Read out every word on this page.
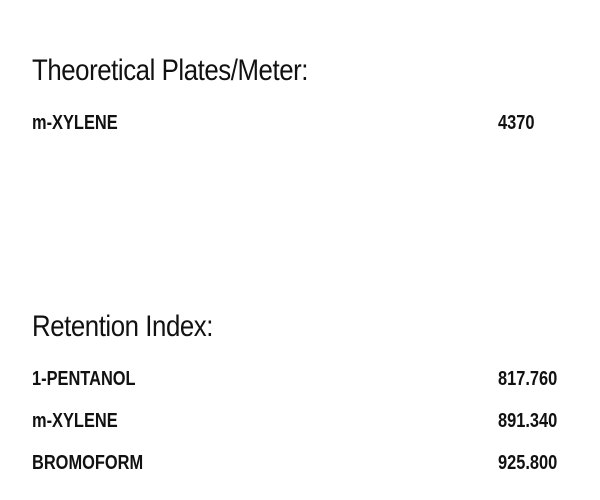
Theoretical Plates/Meter:
m-XYLENE	4370
Retention Index:
1-PENTANOL	817.760
m-XYLENE	891.340
BROMOFORM	925.800
